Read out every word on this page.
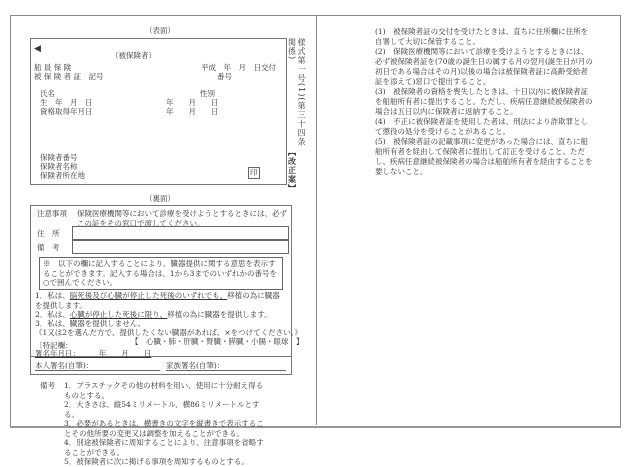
（表面）
◀
（被保険者）
船 員 保 険
被 保 険 者 証　記号
平成　年　月　日交付
番号
氏名	性別
生　年　月　日	年　　月　　日
資格取得年月日	年　　月　　日
保険者番号
保険者名称
保険者所在地	印
様式第一号(1)(第三十四条関係)
【改正案】
（裏面）
注意事項 保険医療機関等において診療を受けようとするときには、必ずこの証をその窓口で渡してください。
住　所
備　考
※　以下の欄に記入することにより、臓器提供に関する意思を表示することができます。記入する場合は、1から3までのいずれかの番号を○で囲んでください。
1．私は、脳死後及び心臓が停止した死後のいずれでも、移植の為に臓器を提供します。
2．私は、心臓が停止した死後に限り、移植の為に臓器を提供します。
3．私は、臓器を提供しません。
《1又は2を選んだ方で、提供したくない臓器があれば、×をつけてください。》
【　心臓・肺・肝臓・腎臓・膵臓・小腸・眼球　】
〔特記欄：
署名年月日：　　　年　　月　　日
本人署名(自筆)：	家族署名(自筆)：
備考 1．プラスチックその他の材料を用い、使用に十分耐え得るものとする。
2．大きさは、縦54ミリメートル、横86ミリメートルとする。
3．必要があるときは、横書きの文字を縦書きで表示することその他所要の変更又は調整を加えることができる。
4．別途被保険者に周知することにより、注意事項を省略することができる。
5．被保険者に次に掲げる事項を周知するものとする。
(1)　被保険者証の交付を受けたときは、直ちに住所欄に住所を自署して大切に保管すること。
(2)　保険医療機関等において診療を受けようとするときには、必ず被保険者証を(70歳の誕生日の属する月の翌月(誕生日が月の初日である場合はその月)以後の場合は被保険者証に高齢受給者証を添えて)窓口で提出すること。
(3)　被保険者の資格を喪失したときは、十日以内に被保険者証を船舶所有者に提出すること。ただし、疾病任意継続被保険者の場合は五日以内に保険者に返納すること。
(4)　不正に被保険者証を使用した者は、刑法により詐欺罪として懲役の処分を受けることがあること。
(5)　被保険者証の記載事項に変更があった場合には、直ちに船舶所有者を経由して保険者に提出して訂正を受けること。ただし、疾病任意継続被保険者の場合は船舶所有者を経由することを要しないこと。
